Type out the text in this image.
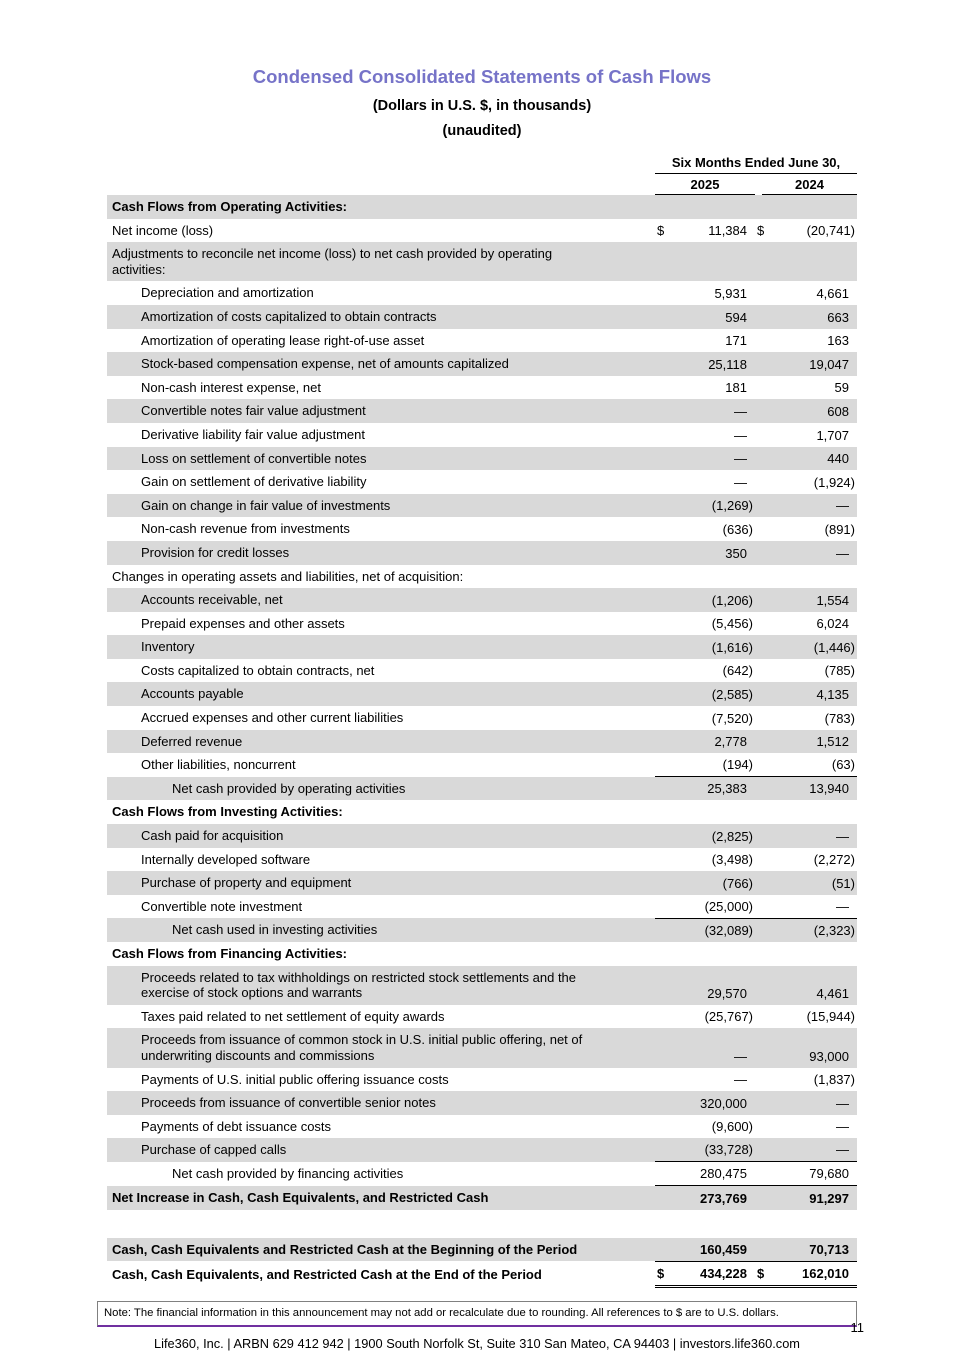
Condensed Consolidated Statements of Cash Flows
(Dollars in U.S. $, in thousands)
(unaudited)
	Six Months Ended June 30,			

	2025		2024	

Cash Flows from Operating Activities:				
Net income (loss)	$	11,384	$	(20,741)

Adjustments to reconcile net income (loss) to net cash provided by operating
activities:				

Depreciation and amortization		5,931		4,661
Amortization of costs capitalized to obtain contracts		594		663
Amortization of operating lease right-of-use asset		171		163
Stock-based compensation expense, net of amounts capitalized		25,118		19,047
Non-cash interest expense, net		181		59
Convertible notes fair value adjustment		—		608
Derivative liability fair value adjustment		—		1,707
Loss on settlement of convertible notes		—		440
Gain on settlement of derivative liability		—		(1,924)
Gain on change in fair value of investments		(1,269)		—
Non-cash revenue from investments		(636)		(891)
Provision for credit losses		350		—
Changes in operating assets and liabilities, net of acquisition:				
Accounts receivable, net		(1,206)		1,554
Prepaid expenses and other assets		(5,456)		6,024
Inventory		(1,616)		(1,446)
Costs capitalized to obtain contracts, net		(642)		(785)
Accounts payable		(2,585)		4,135
Accrued expenses and other current liabilities		(7,520)		(783)
Deferred revenue		2,778		1,512
Other liabilities, noncurrent		(194)		(63)
Net cash provided by operating activities		25,383		13,940
Cash Flows from Investing Activities:				
Cash paid for acquisition		(2,825)		—
Internally developed software		(3,498)		(2,272)
Purchase of property and equipment		(766)		(51)
Convertible note investment		(25,000)		—
Net cash used in investing activities		(32,089)		(2,323)
Cash Flows from Financing Activities:				

Proceeds related to tax withholdings on restricted stock settlements and the
exercise of stock options and warrants		29,570		4,461
Taxes paid related to net settlement of equity awards		(25,767)		(15,944)

Proceeds from issuance of common stock in U.S. initial public offering, net of
underwriting discounts and commissions		—		93,000
Payments of U.S. initial public offering issuance costs		—		(1,837)
Proceeds from issuance of convertible senior notes		320,000		—
Payments of debt issuance costs		(9,600)		—
Purchase of capped calls		(33,728)		—
Net cash provided by financing activities		280,475		79,680
Net Increase in Cash, Cash Equivalents, and Restricted Cash		273,769		91,297

Cash, Cash Equivalents and Restricted Cash at the Beginning of the Period		160,459		70,713
Cash, Cash Equivalents, and Restricted Cash at the End of the Period	$	434,228	$	162,010
Note: The financial information in this announcement may not add or recalculate due to rounding. All references to $ are to U.S. dollars.
Life360, Inc. | ARBN 629 412 942 | 1900 South Norfolk St, Suite 310 San Mateo, CA 94403 | investors.life360.com
11
